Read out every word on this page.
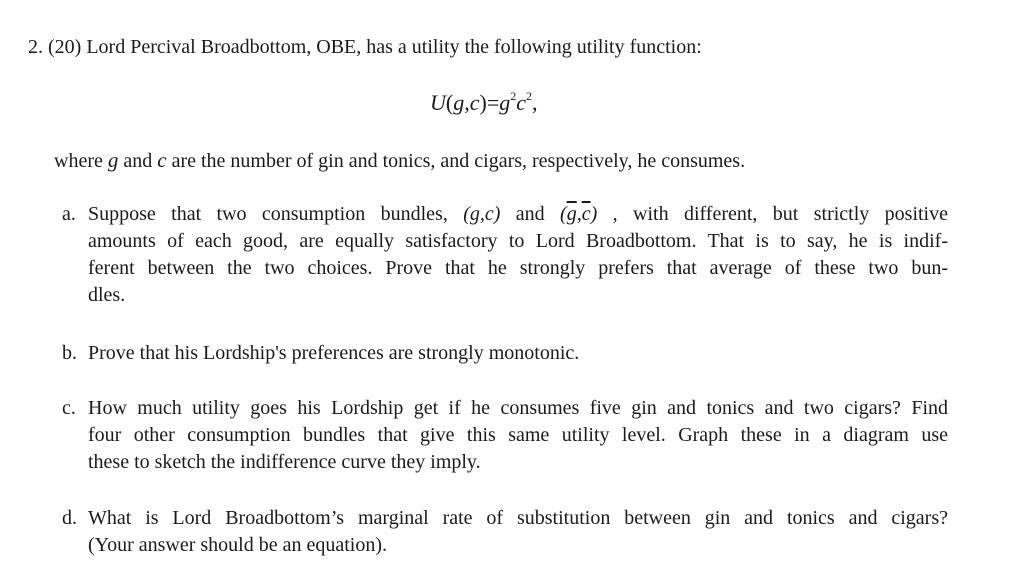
2. (20) Lord Percival Broadbottom, OBE, has a utility the following utility function:
$U(g,c)=g^2c^2$,
where g and c are the number of gin and tonics, and cigars, respectively, he consumes.
a. Suppose that two consumption bundles, (g,c) and $(\overline{g},\overline{c})$ , with different, but strictly positive
amounts of each good, are equally satisfactory to Lord Broadbottom. That is to say, he is indif-
ferent between the two choices. Prove that he strongly prefers that average of these two bun-
dles.
b. Prove that his Lordship's preferences are strongly monotonic.
c. How much utility goes his Lordship get if he consumes five gin and tonics and two cigars? Find
four other consumption bundles that give this same utility level. Graph these in a diagram use
these to sketch the indifference curve they imply.
d. What is Lord Broadbottom’s marginal rate of substitution between gin and tonics and cigars?
(Your answer should be an equation).
